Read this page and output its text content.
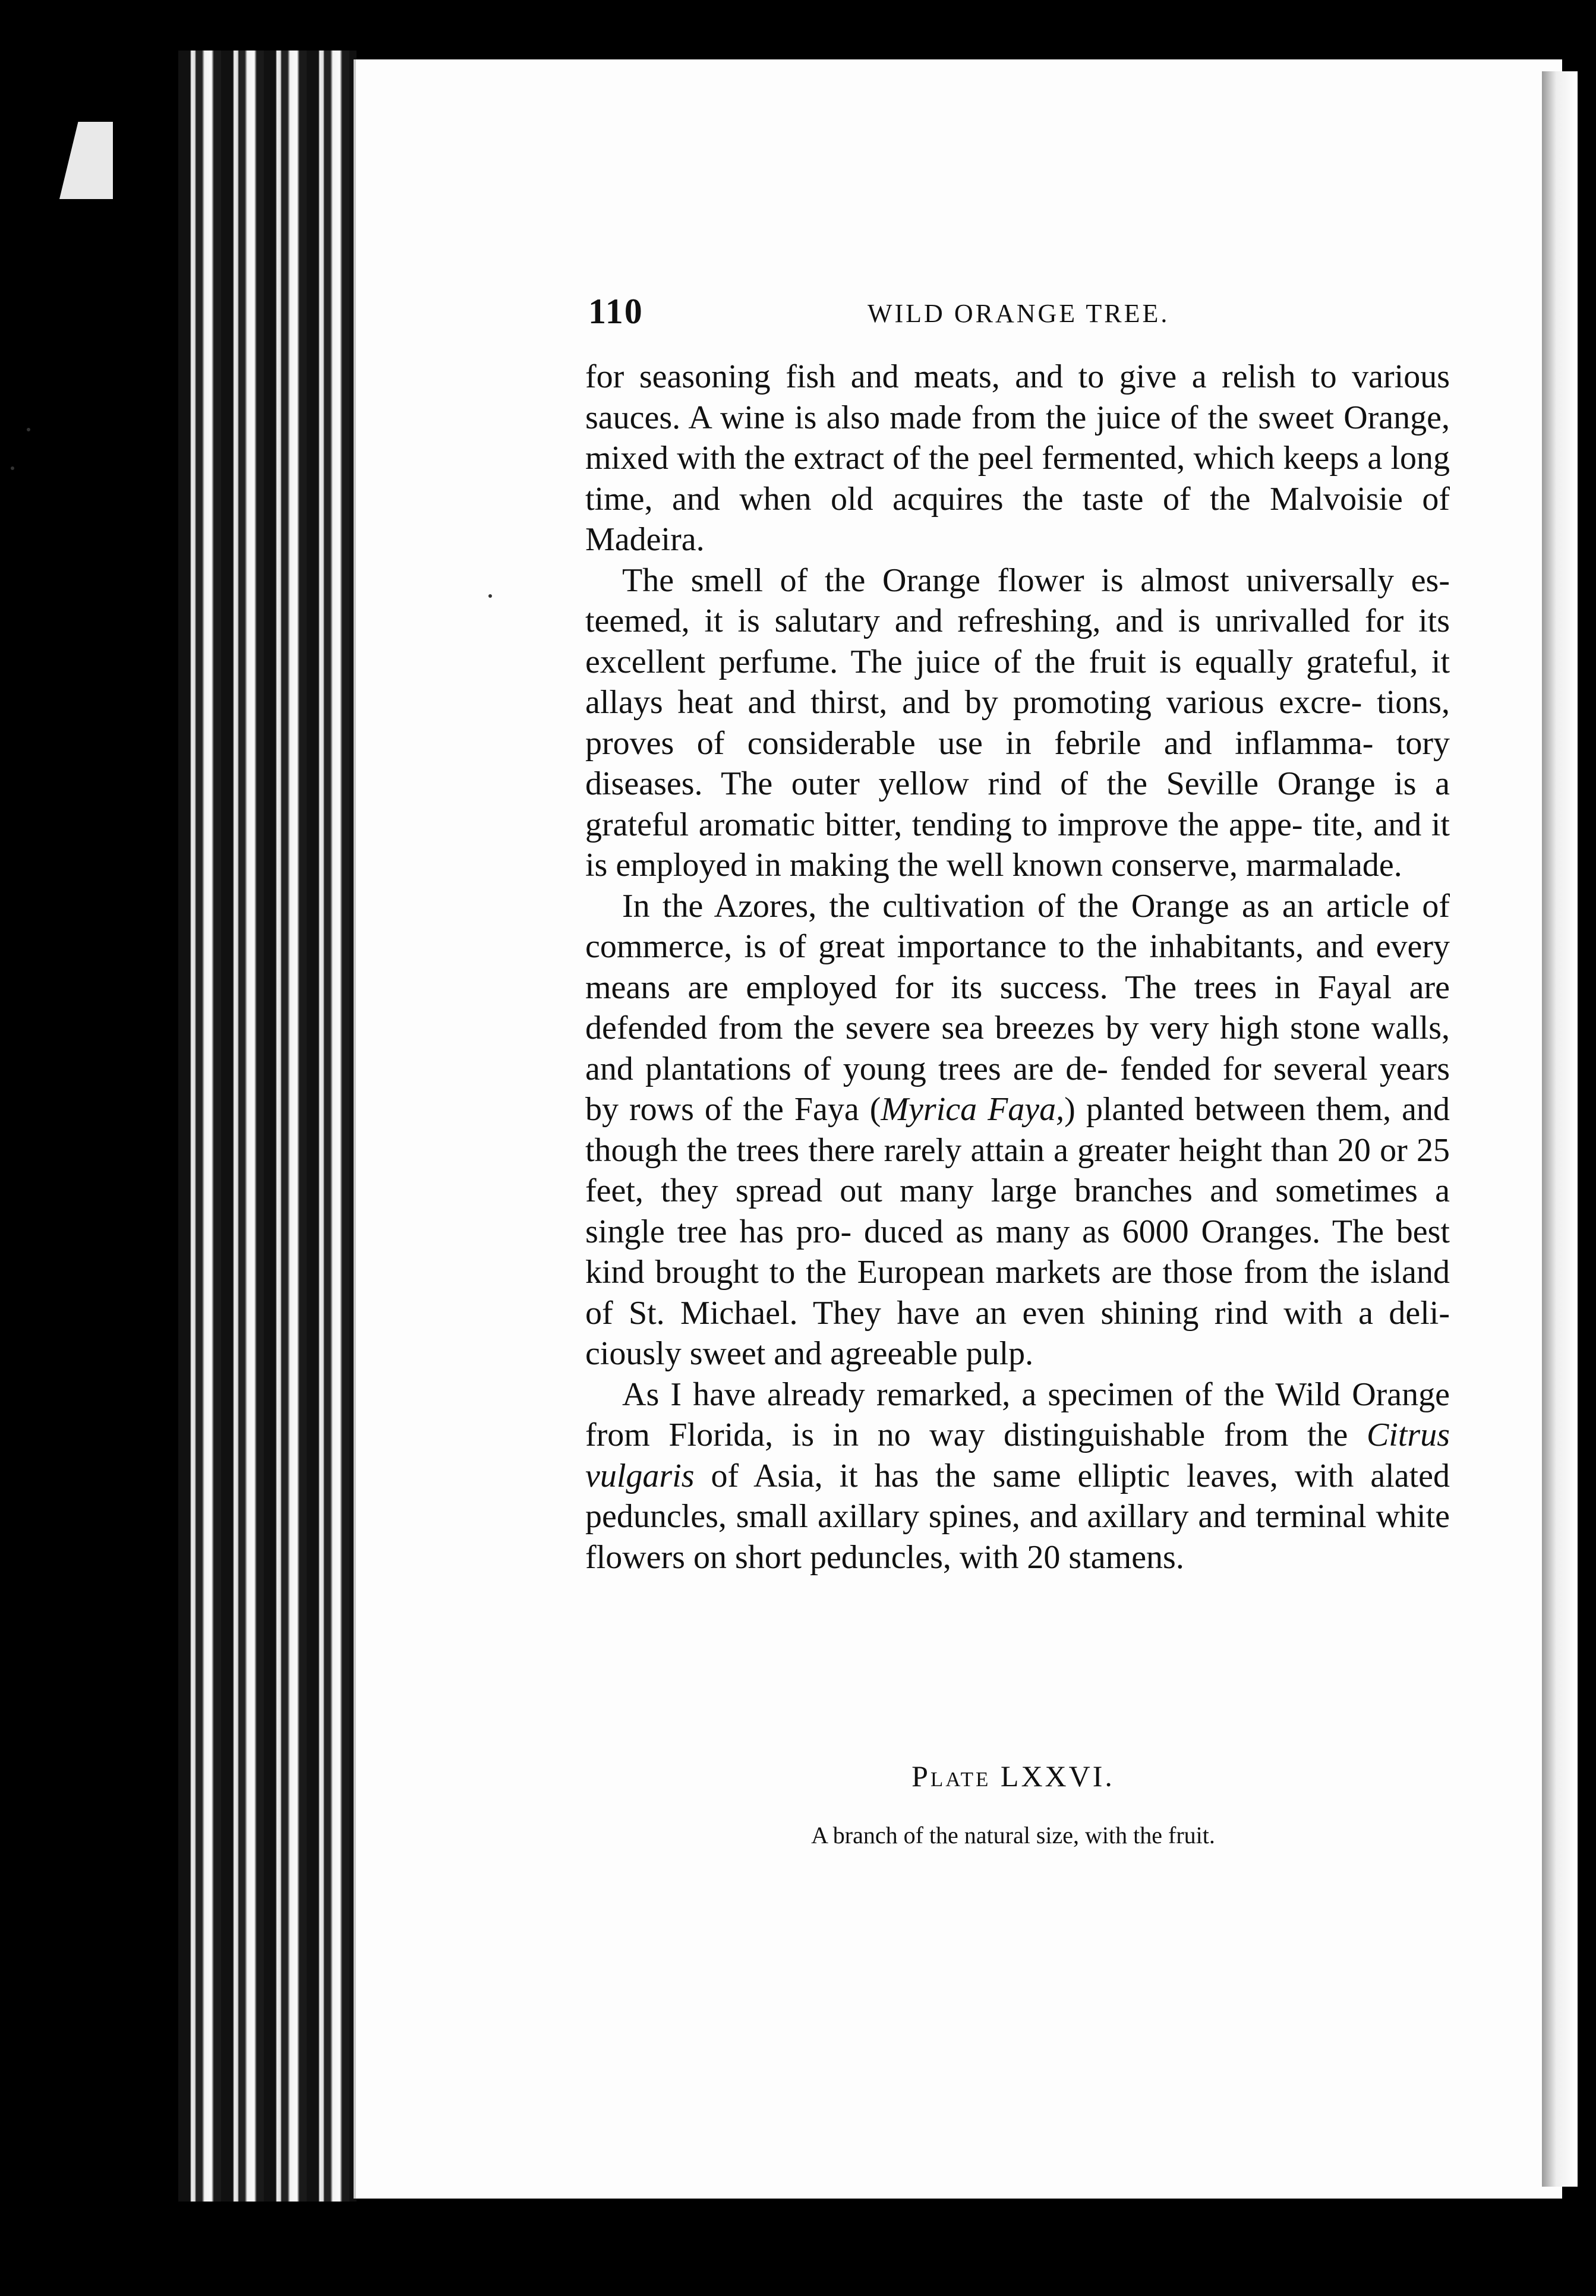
110	WILD ORANGE TREE.

for seasoning fish and meats, and to give a relish to various sauces. A wine is also made from the juice of the sweet Orange, mixed with the extract of the peel fermented, which keeps a long time, and when old acquires the taste of the Malvoisie of Madeira.

The smell of the Orange flower is almost universally es- teemed, it is salutary and refreshing, and is unrivalled for its excellent perfume. The juice of the fruit is equally grateful, it allays heat and thirst, and by promoting various excre- tions, proves of considerable use in febrile and inflamma- tory diseases. The outer yellow rind of the Seville Orange is a grateful aromatic bitter, tending to improve the appe- tite, and it is employed in making the well known conserve, marmalade.

In the Azores, the cultivation of the Orange as an article of commerce, is of great importance to the inhabitants, and every means are employed for its success. The trees in Fayal are defended from the severe sea breezes by very high stone walls, and plantations of young trees are de- fended for several years by rows of the Faya (Myrica Faya,) planted between them, and though the trees there rarely attain a greater height than 20 or 25 feet, they spread out many large branches and sometimes a single tree has pro- duced as many as 6000 Oranges. The best kind brought to the European markets are those from the island of St. Michael. They have an even shining rind with a deli- ciously sweet and agreeable pulp.

As I have already remarked, a specimen of the Wild Orange from Florida, is in no way distinguishable from the Citrus vulgaris of Asia, it has the same elliptic leaves, with alated peduncles, small axillary spines, and axillary and terminal white flowers on short peduncles, with 20 stamens.

Plate LXXVI.
A branch of the natural size, with the fruit.
